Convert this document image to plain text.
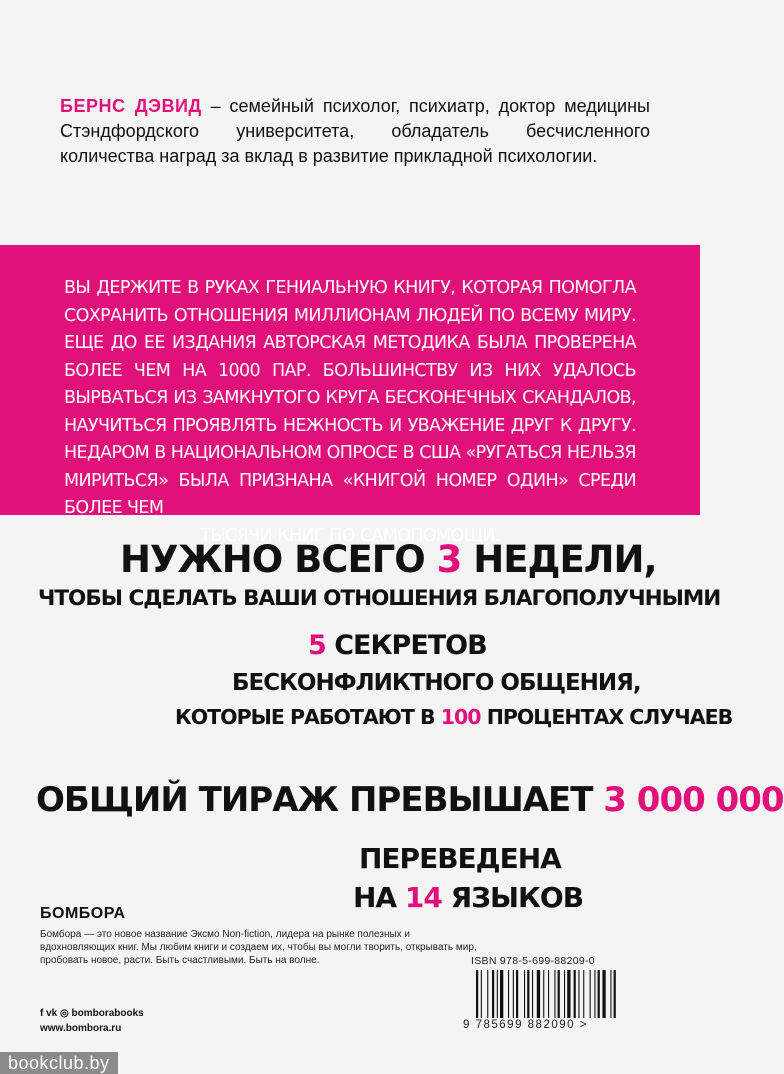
БЕРНС ДЭВИД – семейный психолог, психиатр, доктор медицины Стэндфордского университета, обладатель бесчисленного количества наград за вклад в развитие прикладной психологии.
ВЫ ДЕРЖИТЕ В РУКАХ ГЕНИАЛЬНУЮ КНИГУ, КОТОРАЯ ПОМОГЛА СОХРАНИТЬ ОТНОШЕНИЯ МИЛЛИОНАМ ЛЮДЕЙ ПО ВСЕМУ МИРУ. ЕЩЕ ДО ЕЕ ИЗДАНИЯ АВТОРСКАЯ МЕТОДИКА БЫЛА ПРОВЕРЕНА БОЛЕЕ ЧЕМ НА 1000 ПАР. БОЛЬШИНСТВУ ИЗ НИХ УДАЛОСЬ ВЫРВАТЬСЯ ИЗ ЗАМКНУТОГО КРУГА БЕСКОНЕЧНЫХ СКАНДАЛОВ, НАУЧИТЬСЯ ПРОЯВЛЯТЬ НЕЖНОСТЬ И УВАЖЕНИЕ ДРУГ К ДРУГУ. НЕДАРОМ В НАЦИОНАЛЬНОМ ОПРОСЕ В США «РУГАТЬСЯ НЕЛЬЗЯ МИРИТЬСЯ» БЫЛА ПРИЗНАНА «КНИГОЙ НОМЕР ОДИН» СРЕДИ БОЛЕЕ ЧЕМ
ТЫСЯЧИ КНИГ ПО САМОПОМОЩИ.
НУЖНО ВСЕГО 3 НЕДЕЛИ,
ЧТОБЫ СДЕЛАТЬ ВАШИ ОТНОШЕНИЯ БЛАГОПОЛУЧНЫМИ
5 СЕКРЕТОВ
БЕСКОНФЛИКТНОГО ОБЩЕНИЯ,
КОТОРЫЕ РАБОТАЮТ В 100 ПРОЦЕНТАХ СЛУЧАЕВ
ОБЩИЙ ТИРАЖ ПРЕВЫШАЕТ 3 000 000
ПЕРЕВЕДЕНА
НА 14 ЯЗЫКОВ
БОМБОРА
Бомбора — это новое название Эксмо Non-fiction, лидера на рынке полезных и вдохновляющих книг. Мы любим книги и создаем их, чтобы вы могли творить, открывать мир, пробовать новое, расти. Быть счастливыми. Быть на волне.
f vk ◎ bomborabooks
www.bombora.ru
ISBN 978-5-699-88209-0
9 785699 882090 >
bookclub.by
